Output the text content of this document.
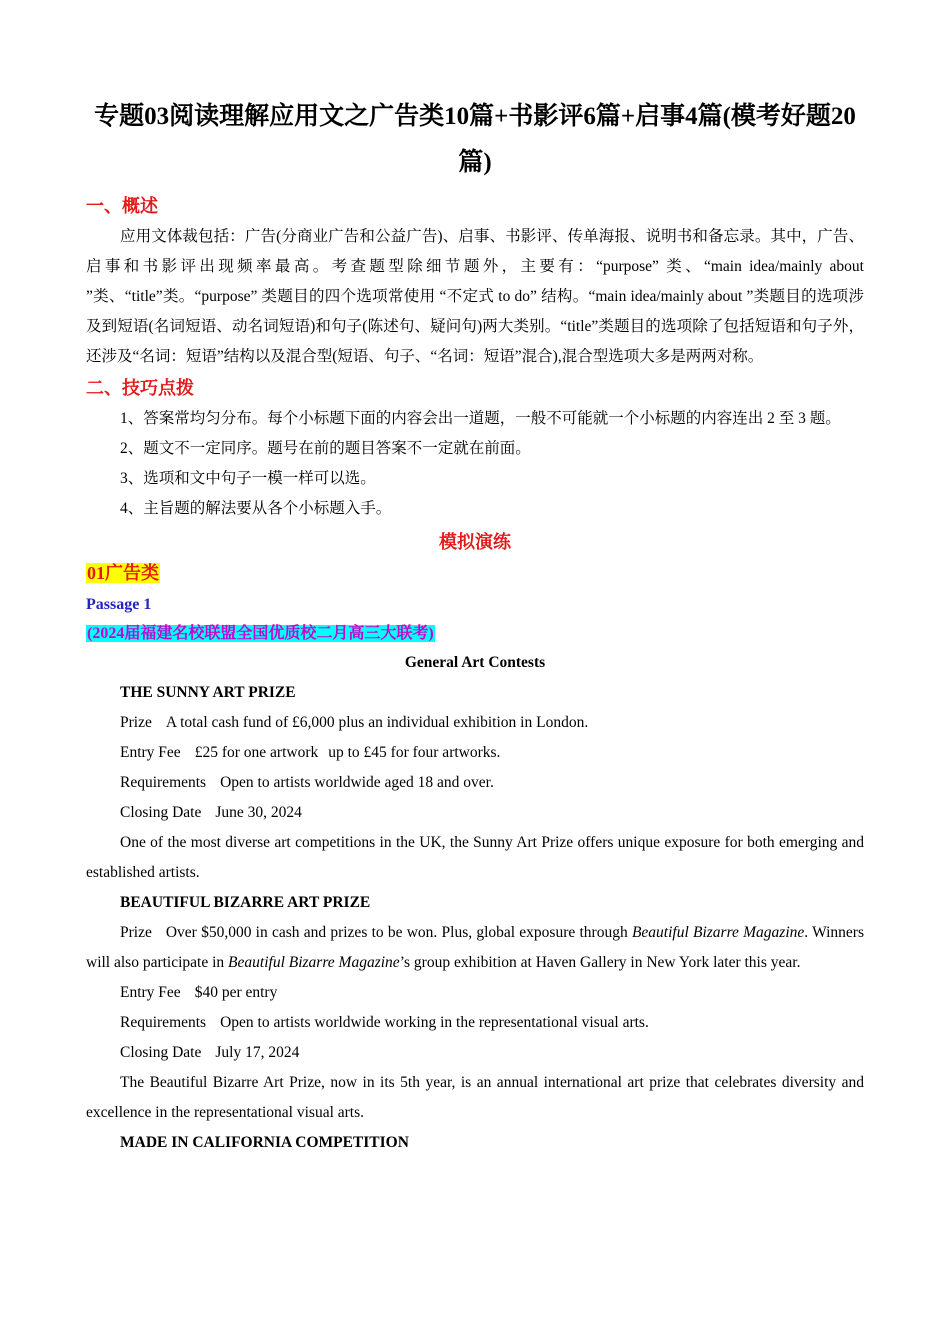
专题03阅读理解应用文之广告类10篇+书影评6篇+启事4篇(模考好题20篇)
一、概述

应用文体裁包括：广告(分商业广告和公益广告)、启事、书影评、传单海报、说明书和备忘录。其中，广告、启事和书影评出现频率最高。考查题型除细节题外，主要有：“purpose” 类、“main idea/mainly about ”类、“title”类。“purpose” 类题目的四个选项常使用 “不定式 to do” 结构。“main idea/mainly about ”类题目的选项涉及到短语(名词短语、动名词短语)和句子(陈述句、疑问句)两大类别。“title”类题目的选项除了包括短语和句子外，还涉及“名词：短语”结构以及混合型(短语、句子、“名词：短语”混合),混合型选项大多是两两对称。

二、技巧点拨

1、答案常均匀分布。每个小标题下面的内容会出一道题，一般不可能就一个小标题的内容连出 2 至 3 题。

2、题文不一定同序。题号在前的题目答案不一定就在前面。

3、选项和文中句子一模一样可以选。

4、主旨题的解法要从各个小标题入手。

模拟演练
01广告类
Passage 1
(2024届福建名校联盟全国优质校二月高三大联考)

General Art Contests

THE SUNNY ART PRIZE

Prize A total cash fund of £6,000 plus an individual exhibition in London.

Entry Fee £25 for one artwork up to £45 for four artworks.

Requirements Open to artists worldwide aged 18 and over.

Closing Date June 30, 2024

One of the most diverse art competitions in the UK, the Sunny Art Prize offers unique exposure for both emerging and established artists.

BEAUTIFUL BIZARRE ART PRIZE

Prize Over $50,000 in cash and prizes to be won. Plus, global exposure through Beautiful Bizarre Magazine. Winners will also participate in Beautiful Bizarre Magazine’s group exhibition at Haven Gallery in New York later this year.

Entry Fee $40 per entry

Requirements Open to artists worldwide working in the representational visual arts.

Closing Date July 17, 2024

The Beautiful Bizarre Art Prize, now in its 5th year, is an annual international art prize that celebrates diversity and excellence in the representational visual arts.

MADE IN CALIFORNIA COMPETITION
